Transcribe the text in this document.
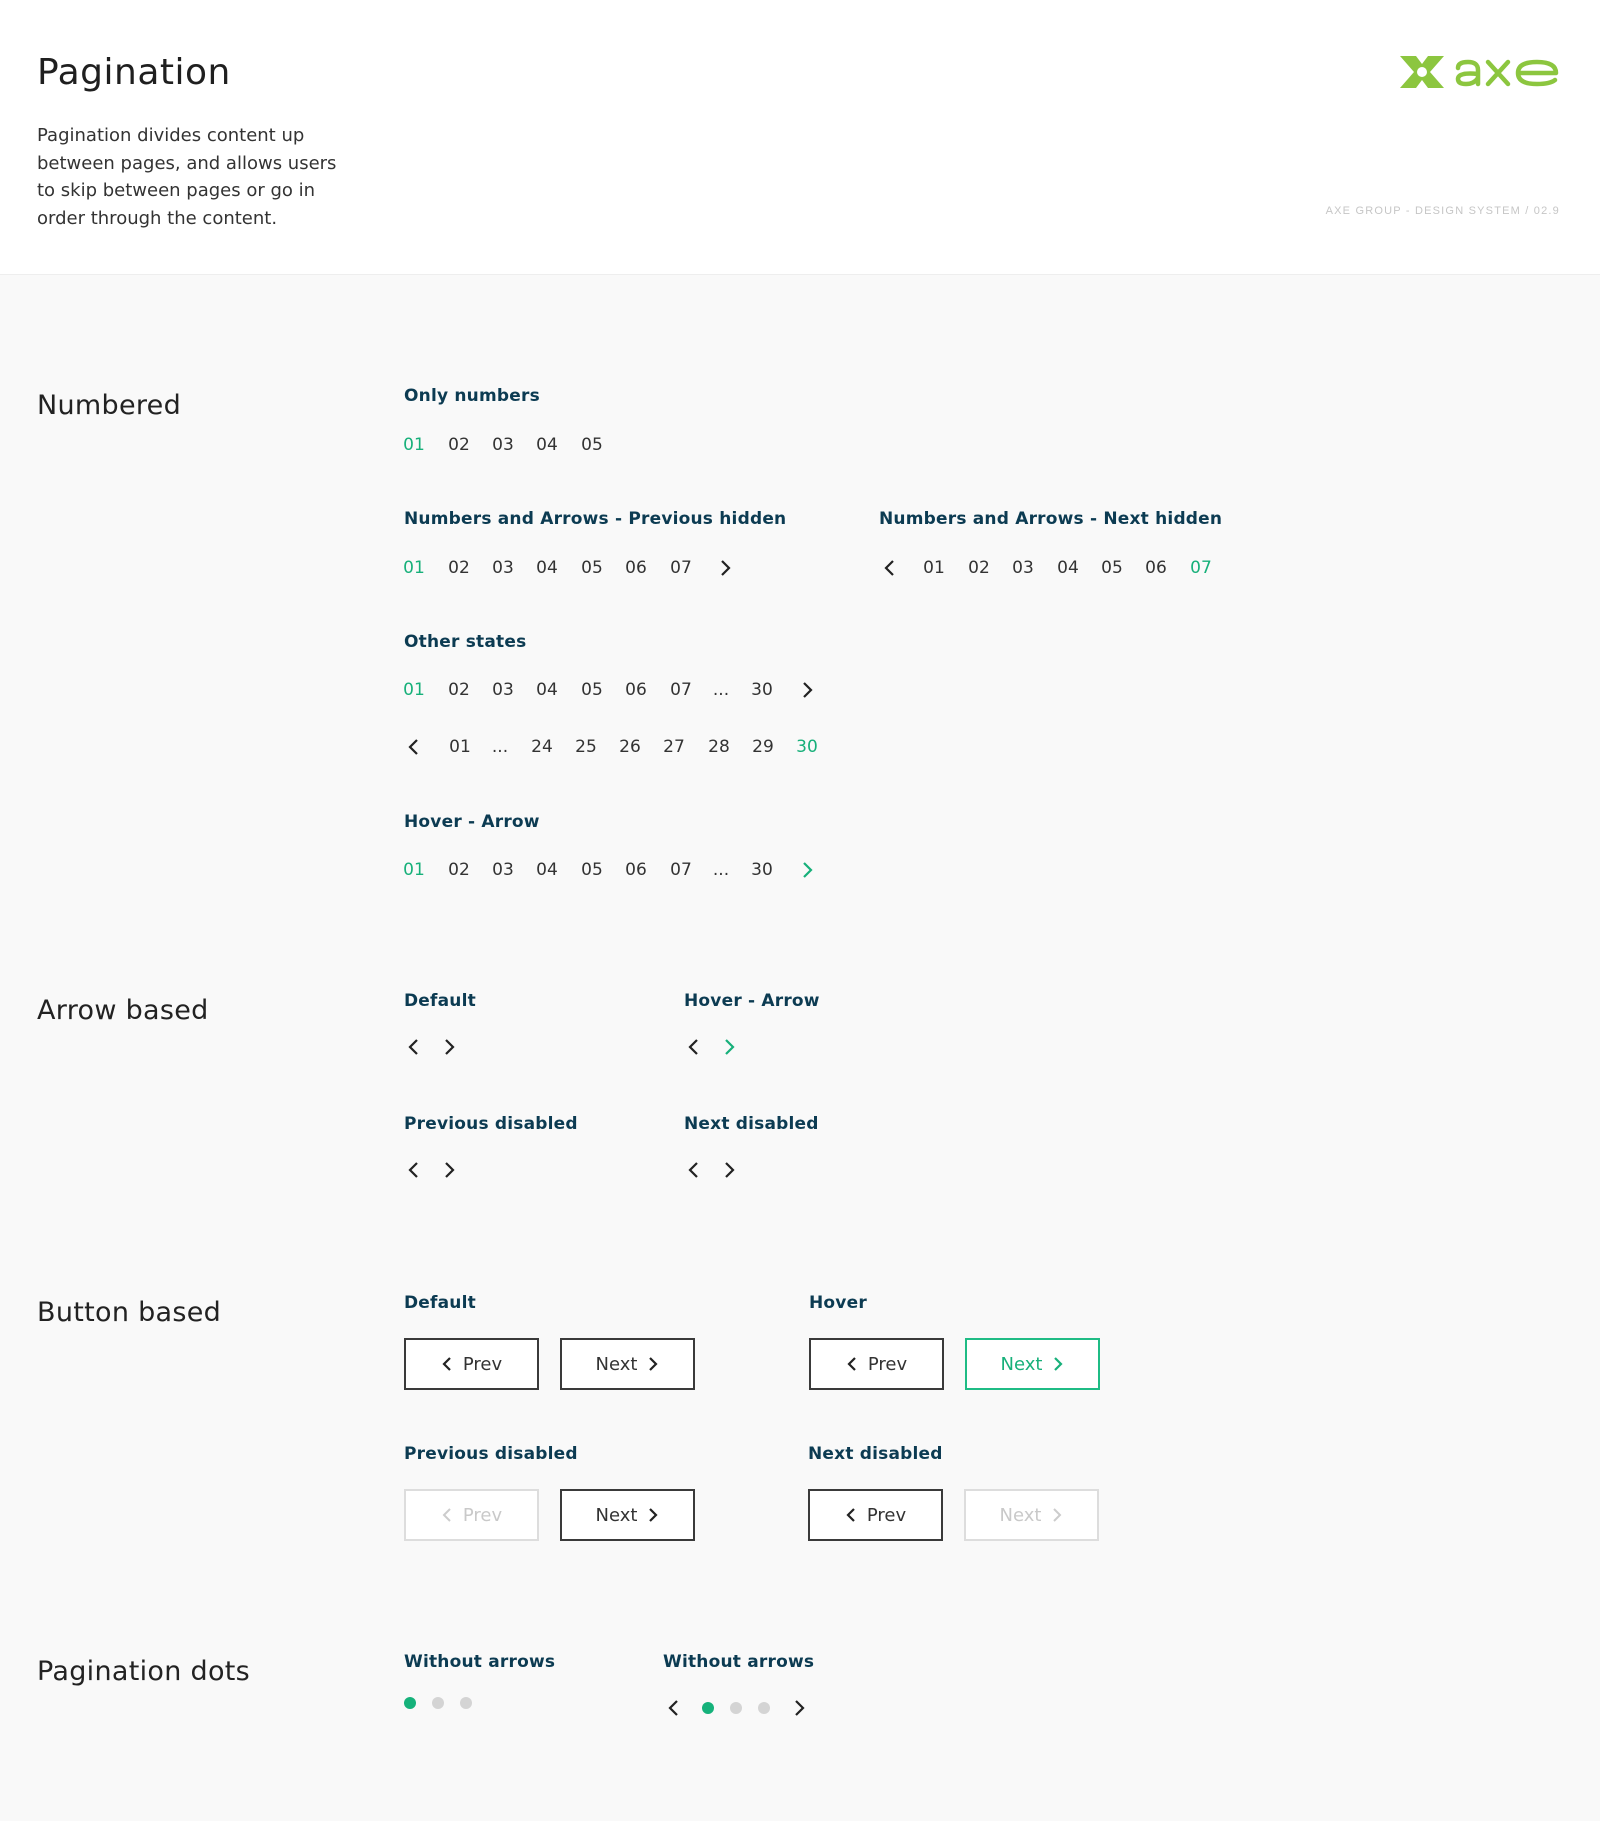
Pagination
Pagination divides content up between pages, and allows users to skip between pages or go in order through the content.	AXE GROUP - DESIGN SYSTEM / 02.9
Numbered	Only numbers
01 02 03 04 05
Numbers and Arrows - Previous hidden
01 02 03 04 05 06 07
Numbers and Arrows - Next hidden
01 02 03 04 05 06 07
Other states
01 02 03 04 05 06 07	...	30
01	...	24 25 26 27 28 29 30
Hover - Arrow
01 02 03 04 05 06 07	...	30
Arrow based	Default	Hover - Arrow
Previous disabled	Next disabled
Button based	Default
Prev	Next
Hover
Prev	Next
Previous disabled
Prev	Next
Next disabled
Prev	Next
Pagination dots	Without arrows	Without arrows
